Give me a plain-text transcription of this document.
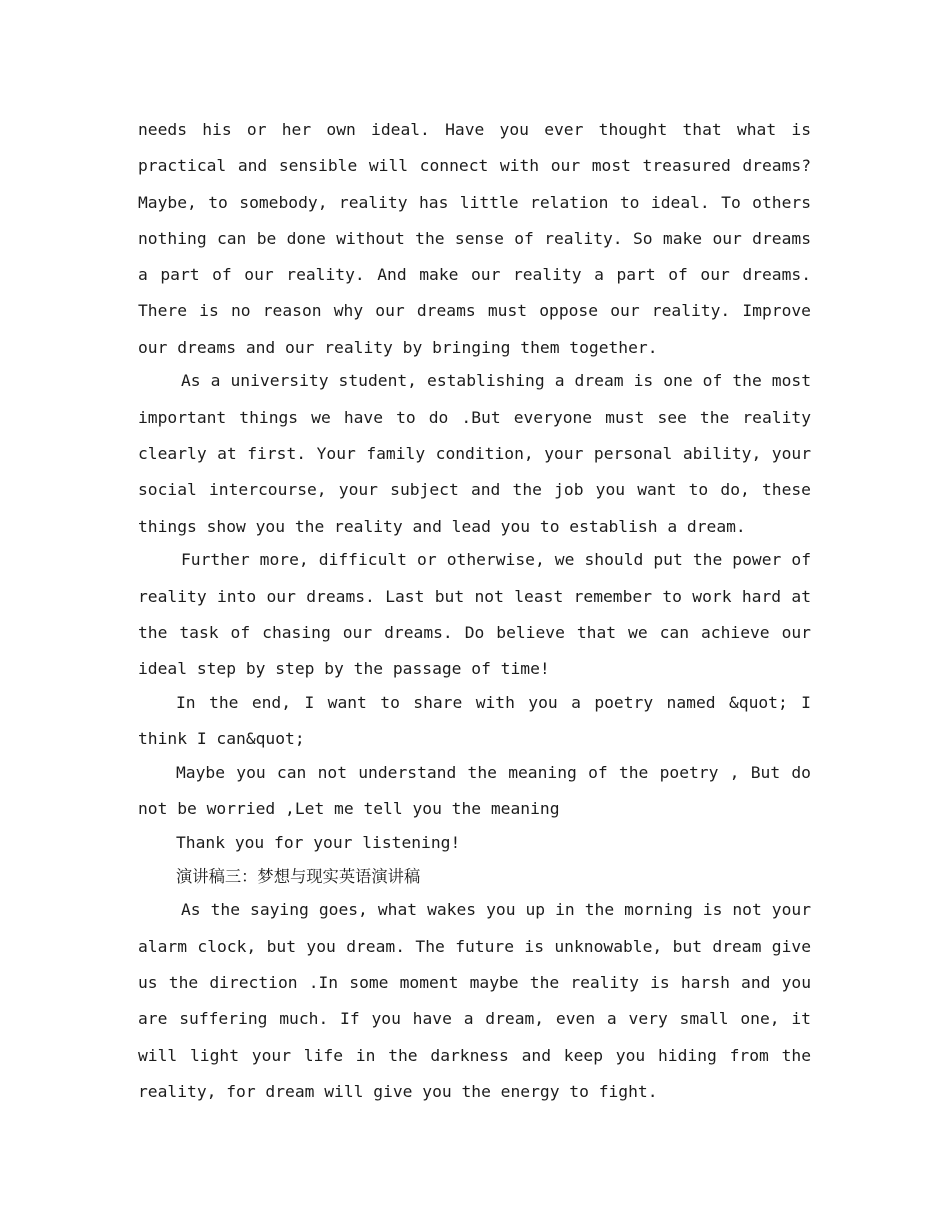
needs his or her own ideal. Have you ever thought that what is practical and sensible will connect with our most treasured dreams? Maybe, to somebody, reality has little relation to ideal. To others nothing can be done without the sense of reality. So make our dreams a part of our reality. And make our reality a part of our dreams. There is no reason why our dreams must oppose our reality. Improve our dreams and our reality by bringing them together.

As a university student, establishing a dream is one of the most important things we have to do .But everyone must see the reality clearly at first. Your family condition, your personal ability, your social intercourse, your subject and the job you want to do, these things show you the reality and lead you to establish a dream.

Further more, difficult or otherwise, we should put the power of reality into our dreams. Last but not least remember to work hard at the task of chasing our dreams. Do believe that we can achieve our ideal step by step by the passage of time!

In the end, I want to share with you a poetry named &quot; I think I can&quot;

Maybe you can not understand the meaning of the poetry , But do not be worried ,Let me tell you the meaning

Thank you for your listening!

演讲稿三：梦想与现实英语演讲稿

As the saying goes, what wakes you up in the morning is not your alarm clock, but you dream. The future is unknowable, but dream give us the direction .In some moment maybe the reality is harsh and you are suffering much. If you have a dream, even a very small one, it will light your life in the darkness and keep you hiding from the reality, for dream will give you the energy to fight.
